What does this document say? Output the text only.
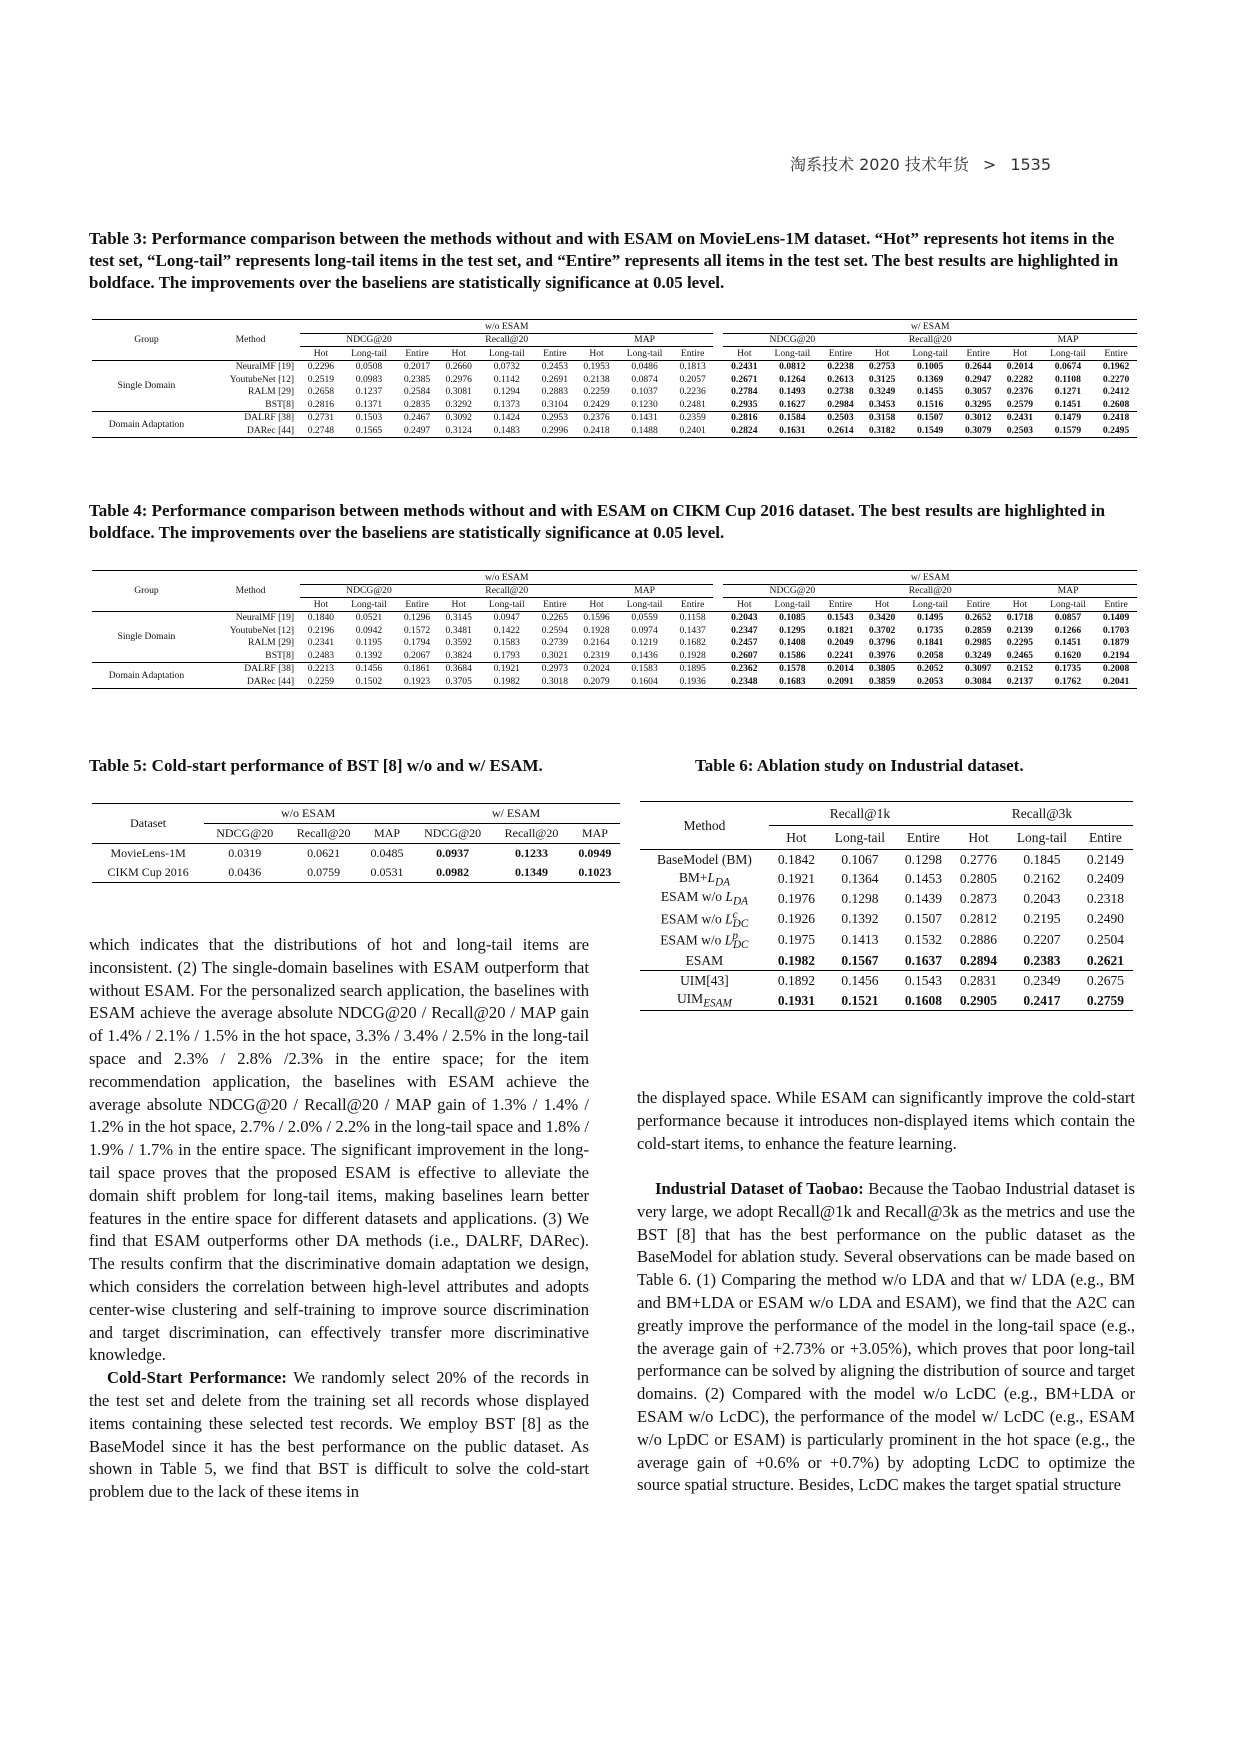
淘系技术 2020 技术年货 > 1535
Table 3: Performance comparison between the methods without and with ESAM on MovieLens-1M dataset. “Hot” represents hot items in the test set, “Long-tail” represents long-tail items in the test set, and “Entire” represents all items in the test set. The best results are highlighted in boldface. The improvements over the baseliens are statistically significance at 0.05 level.
Group	Method	w/o ESAM										w/ ESAM								
		NDCG@20			Recall@20			MAP				NDCG@20			Recall@20			MAP		
		Hot	Long-tail	Entire	Hot	Long-tail	Entire	Hot	Long-tail	Entire		Hot	Long-tail	Entire	Hot	Long-tail	Entire	Hot	Long-tail	Entire
Single Domain	NeuralMF [19]	0.2296	0.0508	0.2017	0.2660	0.0732	0.2453	0.1953	0.0486	0.1813		0.2431	0.0812	0.2238	0.2753	0.1005	0.2644	0.2014	0.0674	0.1962
	YoutubeNet [12]	0.2519	0.0983	0.2385	0.2976	0.1142	0.2691	0.2138	0.0874	0.2057		0.2671	0.1264	0.2613	0.3125	0.1369	0.2947	0.2282	0.1108	0.2270
	RALM [29]	0.2658	0.1237	0.2584	0.3081	0.1294	0.2883	0.2259	0.1037	0.2236		0.2784	0.1493	0.2738	0.3249	0.1455	0.3057	0.2376	0.1271	0.2412
	BST[8]	0.2816	0.1371	0.2835	0.3292	0.1373	0.3104	0.2429	0.1230	0.2481		0.2935	0.1627	0.2984	0.3453	0.1516	0.3295	0.2579	0.1451	0.2608
Domain Adaptation	DALRF [38]	0.2731	0.1503	0.2467	0.3092	0.1424	0.2953	0.2376	0.1431	0.2359		0.2816	0.1584	0.2503	0.3158	0.1507	0.3012	0.2431	0.1479	0.2418
	DARec [44]	0.2748	0.1565	0.2497	0.3124	0.1483	0.2996	0.2418	0.1488	0.2401		0.2824	0.1631	0.2614	0.3182	0.1549	0.3079	0.2503	0.1579	0.2495
Table 4: Performance comparison between methods without and with ESAM on CIKM Cup 2016 dataset. The best results are highlighted in boldface. The improvements over the baseliens are statistically significance at 0.05 level.
Group	Method	w/o ESAM										w/ ESAM								
		NDCG@20			Recall@20			MAP				NDCG@20			Recall@20			MAP		
		Hot	Long-tail	Entire	Hot	Long-tail	Entire	Hot	Long-tail	Entire		Hot	Long-tail	Entire	Hot	Long-tail	Entire	Hot	Long-tail	Entire
Single Domain	NeuralMF [19]	0.1840	0.0521	0.1296	0.3145	0.0947	0.2265	0.1596	0.0559	0.1158		0.2043	0.1085	0.1543	0.3420	0.1495	0.2652	0.1718	0.0857	0.1409
	YoutubeNet [12]	0.2196	0.0942	0.1572	0.3481	0.1422	0.2594	0.1928	0.0974	0.1437		0.2347	0.1295	0.1821	0.3702	0.1735	0.2859	0.2139	0.1266	0.1703
	RALM [29]	0.2341	0.1195	0.1794	0.3592	0.1583	0.2739	0.2164	0.1219	0.1682		0.2457	0.1408	0.2049	0.3796	0.1841	0.2985	0.2295	0.1451	0.1879
	BST[8]	0.2483	0.1392	0.2067	0.3824	0.1793	0.3021	0.2319	0.1436	0.1928		0.2607	0.1586	0.2241	0.3976	0.2058	0.3249	0.2465	0.1620	0.2194
Domain Adaptation	DALRF [38]	0.2213	0.1456	0.1861	0.3684	0.1921	0.2973	0.2024	0.1583	0.1895		0.2362	0.1578	0.2014	0.3805	0.2052	0.3097	0.2152	0.1735	0.2008
	DARec [44]	0.2259	0.1502	0.1923	0.3705	0.1982	0.3018	0.2079	0.1604	0.1936		0.2348	0.1683	0.2091	0.3859	0.2053	0.3084	0.2137	0.1762	0.2041
Table 5: Cold-start performance of BST [8] w/o and w/ ESAM.	Table 6: Ablation study on Industrial dataset.
Dataset	w/o ESAM			w/ ESAM		
	NDCG@20	Recall@20	MAP	NDCG@20	Recall@20	MAP
MovieLens-1M	0.0319	0.0621	0.0485	0.0937	0.1233	0.0949
CIKM Cup 2016	0.0436	0.0759	0.0531	0.0982	0.1349	0.1023
Method	Recall@1k			Recall@3k		
	Hot	Long-tail	Entire	Hot	Long-tail	Entire
BaseModel (BM)	0.1842	0.1067	0.1298	0.2776	0.1845	0.2149
$BM+L_{DA}$	0.1921	0.1364	0.1453	0.2805	0.2162	0.2409
ESAM w/o $L_{DA}$	0.1976	0.1298	0.1439	0.2873	0.2043	0.2318
ESAM w/o $L^c_{DC}$	0.1926	0.1392	0.1507	0.2812	0.2195	0.2490
ESAM w/o $L^p_{DC}$	0.1975	0.1413	0.1532	0.2886	0.2207	0.2504
ESAM	0.1982	0.1567	0.1637	0.2894	0.2383	0.2621
UIM[43]	0.1892	0.1456	0.1543	0.2831	0.2349	0.2675
$UIM_{ESAM}$	0.1931	0.1521	0.1608	0.2905	0.2417	0.2759
which indicates that the distributions of hot and long-tail items are inconsistent. (2) The single-domain baselines with ESAM outperform that without ESAM. For the personalized search application, the baselines with ESAM achieve the average absolute NDCG@20 / Recall@20 / MAP gain of 1.4% / 2.1% / 1.5% in the hot space, 3.3% / 3.4% / 2.5% in the long-tail space and 2.3% / 2.8% /2.3% in the entire space; for the item recommendation application, the baselines with ESAM achieve the average absolute NDCG@20 / Recall@20 / MAP gain of 1.3% / 1.4% / 1.2% in the hot space, 2.7% / 2.0% / 2.2% in the long-tail space and 1.8% / 1.9% / 1.7% in the entire space. The significant improvement in the long-tail space proves that the proposed ESAM is effective to alleviate the domain shift problem for long-tail items, making baselines learn better features in the entire space for different datasets and applications. (3) We find that ESAM outperforms other DA methods (i.e., DALRF, DARec). The results confirm that the discriminative domain adaptation we design, which considers the correlation between high-level attributes and adopts center-wise clustering and self-training to improve source discrimination and target discrimination, can effectively transfer more discriminative knowledge.
Cold-Start Performance: We randomly select 20% of the records in the test set and delete from the training set all records whose displayed items containing these selected test records. We employ BST [8] as the BaseModel since it has the best performance on the public dataset. As shown in Table 5, we find that BST is difficult to solve the cold-start problem due to the lack of these items in
the displayed space. While ESAM can significantly improve the cold-start performance because it introduces non-displayed items which contain the cold-start items, to enhance the feature learning.
Industrial Dataset of Taobao: Because the Taobao Industrial dataset is very large, we adopt Recall@1k and Recall@3k as the metrics and use the BST [8] that has the best performance on the public dataset as the BaseModel for ablation study. Several observations can be made based on Table 6. (1) Comparing the method w/o LDA and that w/ LDA (e.g., BM and BM+LDA or ESAM w/o LDA and ESAM), we find that the A2C can greatly improve the performance of the model in the long-tail space (e.g., the average gain of +2.73% or +3.05%), which proves that poor long-tail performance can be solved by aligning the distribution of source and target domains. (2) Compared with the model w/o LcDC (e.g., BM+LDA or ESAM w/o LcDC), the performance of the model w/ LcDC (e.g., ESAM w/o LpDC or ESAM) is particularly prominent in the hot space (e.g., the average gain of +0.6% or +0.7%) by adopting LcDC to optimize the source spatial structure. Besides, LcDC makes the target spatial structure
